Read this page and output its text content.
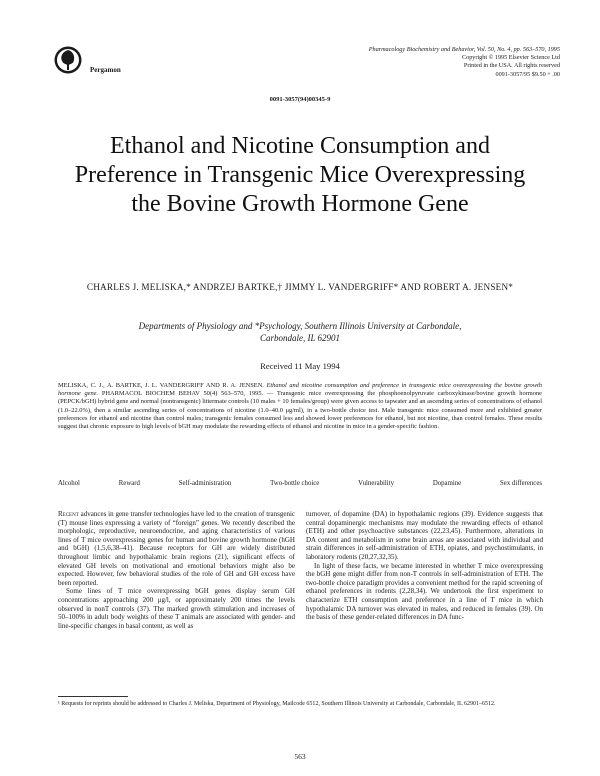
Pergamon
Pharmacology Biochemistry and Behavior, Vol. 50, No. 4, pp. 563–570, 1995
Copyright © 1995 Elsevier Science Ltd
Printed in the USA. All rights reserved
0091-3057/95 $9.50 + .00
0091-3057(94)00345-9
Ethanol and Nicotine Consumption and Preference in Transgenic Mice Overexpressing the Bovine Growth Hormone Gene
CHARLES J. MELISKA,* ANDRZEJ BARTKE,† JIMMY L. VANDERGRIFF* AND ROBERT A. JENSEN*
Departments of Physiology and *Psychology, Southern Illinois University at Carbondale,
Carbondale, IL 62901
Received 11 May 1994
MELISKA, C. J., A. BARTKE, J. L. VANDERGRIFF AND R. A. JENSEN. Ethanol and nicotine consumption and preference in transgenic mice overexpressing the bovine growth hormone gene. PHARMACOL BIOCHEM BEHAV 50(4) 563–570, 1995. — Transgenic mice overexpressing the phosphoenolpyruvate carboxykinase/bovine growth hormone (PEPCK/bGH) hybrid gene and normal (nontransgenic) littermate controls (10 males + 10 females/group) were given access to tapwater and an ascending series of concentrations of ethanol (1.0–22.0%), then a similar ascending series of concentrations of nicotine (1.0–40.0 μg/ml), in a two-bottle choice test. Male transgenic mice consumed more and exhibited greater preferences for ethanol and nicotine than control males; transgenic females consumed less and showed lower preferences for ethanol, but not nicotine, than control females. These results suggest that chronic exposure to high levels of bGH may modulate the rewarding effects of ethanol and nicotine in mice in a gender-specific fashion.
Alcohol	Reward	Self-administration	Two-bottle choice	Vulnerability	Dopamine	Sex differences

Recent advances in gene transfer technologies have led to the creation of transgenic (T) mouse lines expressing a variety of “foreign” genes. We recently described the morphologic, reproductive, neuroendocrine, and aging characteristics of various lines of T mice overexpressing genes for human and bovine growth hormone (hGH and bGH) (1,5,6,38–41). Because receptors for GH are widely distributed throughout limbic and hypothalamic brain regions (21), significant effects of elevated GH levels on motivational and emotional behaviors might also be expected. However, few behavioral studies of the role of GH and GH excess have been reported.

Some lines of T mice overexpressing bGH genes display serum GH concentrations approaching 200 μg/l, or approximately 200 times the levels observed in nonT controls (37). The marked growth stimulation and increases of 50–100% in adult body weights of these T animals are associated with gender- and line-specific changes in basal content, as well as

turnover, of dopamine (DA) in hypothalamic regions (39). Evidence suggests that central dopaminergic mechanisms may modulate the rewarding effects of ethanol (ETH) and other psychoactive substances (22,23,45). Furthermore, alterations in DA content and metabolism in some brain areas are associated with individual and strain differences in self-administration of ETH, opiates, and psychostimulants, in laboratory rodents (20,27,32,35).

In light of these facts, we became interested in whether T mice overexpressing the bGH gene might differ from non-T controls in self-administration of ETH. The two-bottle choice paradigm provides a convenient method for the rapid screening of ethanol preferences in rodents (2,28,34). We undertook the first experiment to characterize ETH consumption and preference in a line of T mice in which hypothalamic DA turnover was elevated in males, and reduced in females (39). On the basis of these gender-related differences in DA func-

¹ Requests for reprints should be addressed to Charles J. Meliska, Department of Physiology, Mailcode 6512, Southern Illinois University at Carbondale, Carbondale, IL 62901–6512.
563
